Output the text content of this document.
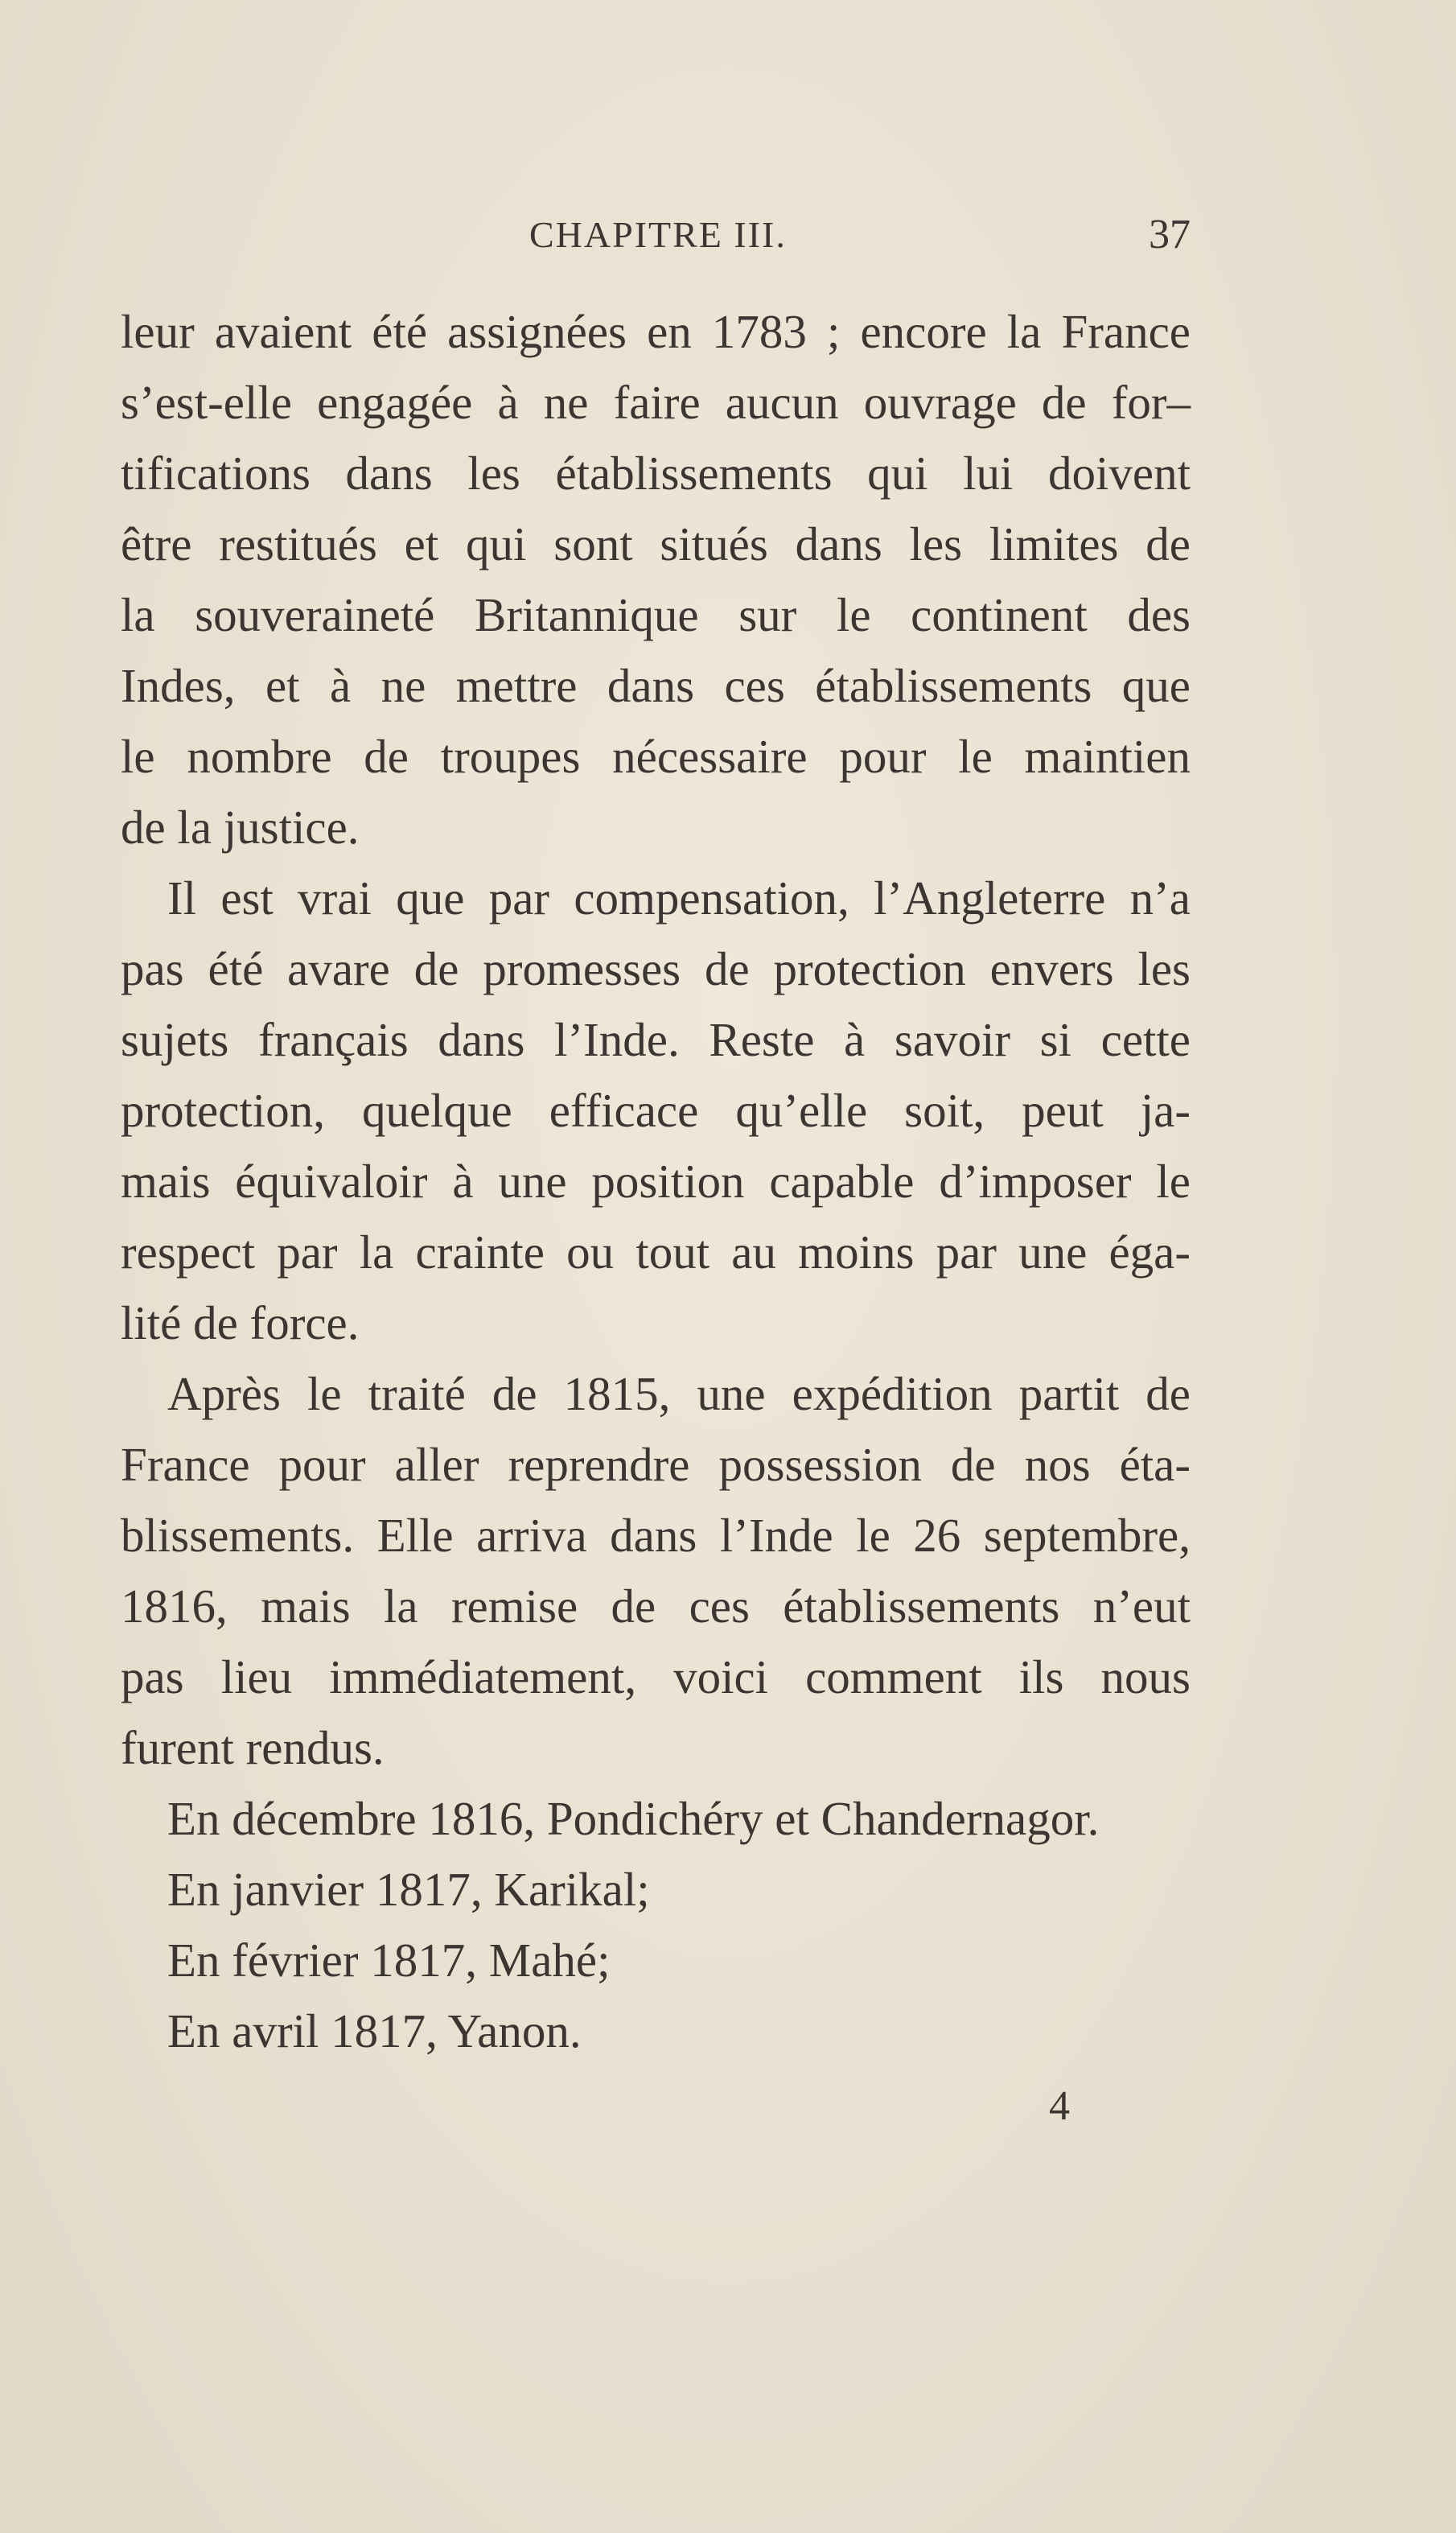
CHAPITRE III.	37
leur avaient été assignées en 1783 ; encore la France
s’est-elle engagée à ne faire aucun ouvrage de for–
tifications dans les établissements qui lui doivent
être restitués et qui sont situés dans les limites de
la souveraineté Britannique sur le continent des
Indes, et à ne mettre dans ces établissements que
le nombre de troupes nécessaire pour le maintien
de la justice.
Il est vrai que par compensation, l’Angleterre n’a
pas été avare de promesses de protection envers les
sujets français dans l’Inde. Reste à savoir si cette
protection, quelque efficace qu’elle soit, peut ja-
mais équivaloir à une position capable d’imposer le
respect par la crainte ou tout au moins par une éga-
lité de force.
Après le traité de 1815, une expédition partit de
France pour aller reprendre possession de nos éta-
blissements. Elle arriva dans l’Inde le 26 septembre,
1816, mais la remise de ces établissements n’eut
pas lieu immédiatement, voici comment ils nous
furent rendus.
En décembre 1816, Pondichéry et Chandernagor.
En janvier 1817, Karikal;
En février 1817, Mahé;
En avril 1817, Yanon.
4
